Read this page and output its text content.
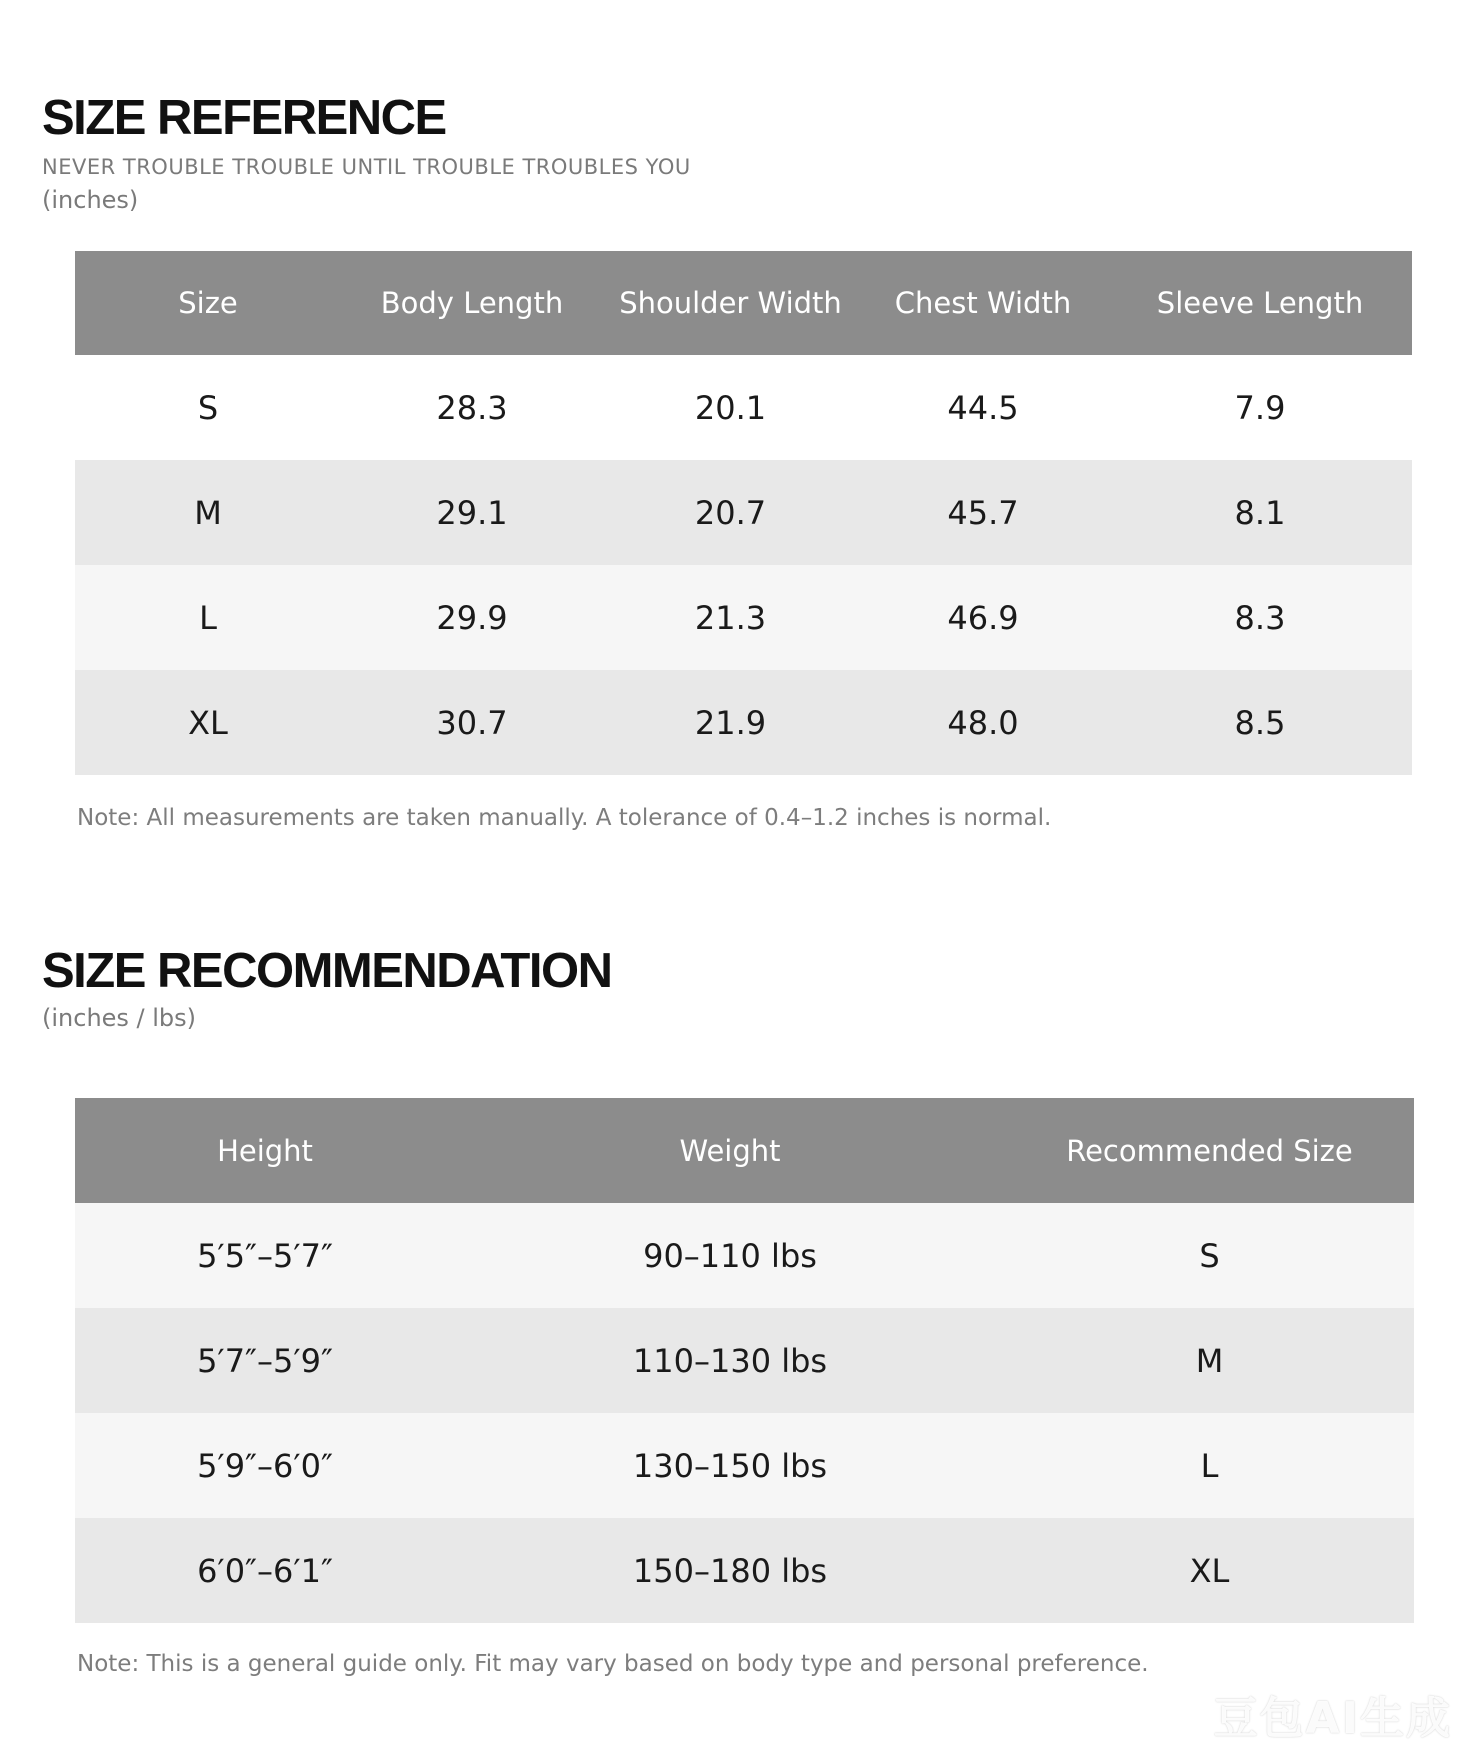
SIZE REFERENCE

NEVER TROUBLE TROUBLE UNTIL TROUBLE TROUBLES YOU

(inches)

Size	Body Length	Shoulder Width	Chest Width	Sleeve Length
S	28.3	20.1	44.5	7.9
M	29.1	20.7	45.7	8.1
L	29.9	21.3	46.9	8.3
XL	30.7	21.9	48.0	8.5

Note: All measurements are taken manually. A tolerance of 0.4–1.2 inches is normal.

SIZE RECOMMENDATION

(inches / lbs)

Height	Weight	Recommended Size
5′5″–5′7″	90–110 lbs	S
5′7″–5′9″	110–130 lbs	M
5′9″–6′0″	130–150 lbs	L
6′0″–6′1″	150–180 lbs	XL

Note: This is a general guide only. Fit may vary based on body type and personal preference.

豆包AI生成
